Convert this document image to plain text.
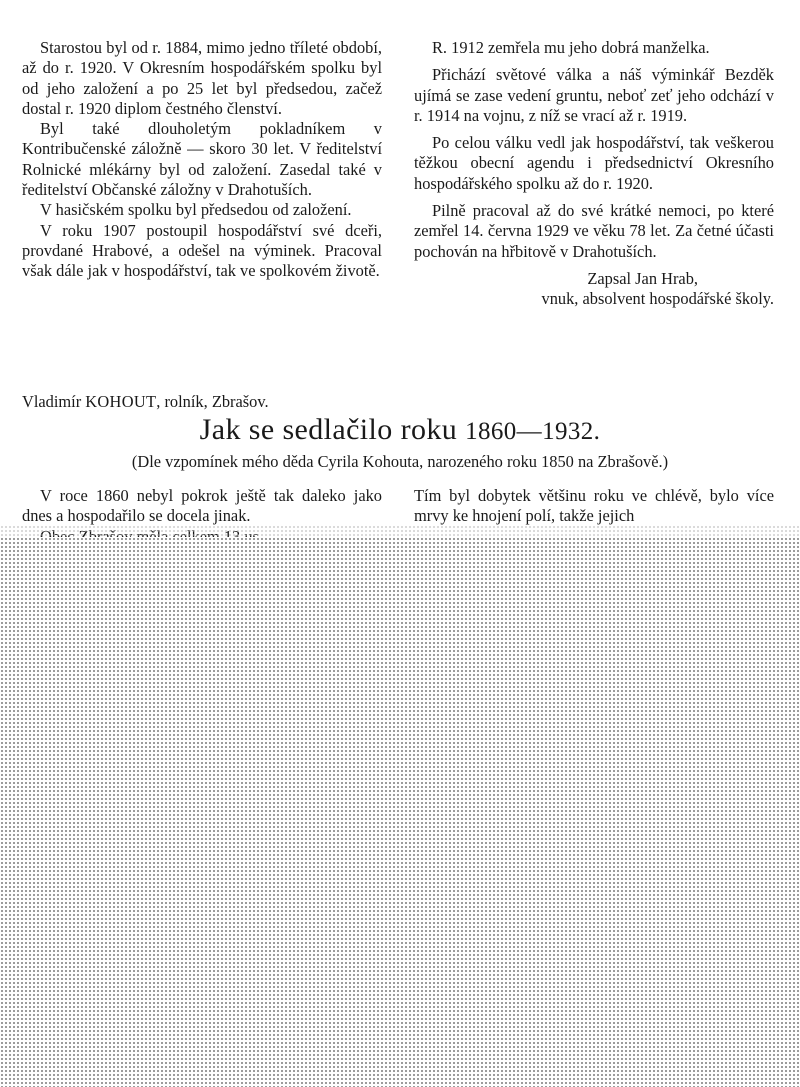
Starostou byl od r. 1884, mimo jedno tříleté období, až do r. 1920. V Okresním hospodářském spolku byl od jeho založení a po 25 let byl předsedou, začež dostal r. 1920 diplom čestného členství.

Byl také dlouholetým pokladníkem v Kontribučenské záložně — skoro 30 let. V ředitelství Rolnické mlékárny byl od založení. Zasedal také v ředitelství Občanské záložny v Drahotuších.

V hasičském spolku byl předsedou od založení.

V roku 1907 postoupil hospodářství své dceři, provdané Hrabové, a odešel na výminek. Pracoval však dále jak v hospodářství, tak ve spolkovém životě.

R. 1912 zemřela mu jeho dobrá manželka.

Přichází světové válka a náš výminkář Bezděk ujímá se zase vedení gruntu, neboť zeť jeho odchází v r. 1914 na vojnu, z níž se vrací až r. 1919.

Po celou válku vedl jak hospodářství, tak veškerou těžkou obecní agendu i předsednictví Okresního hospodářského spolku až do r. 1920.

Pilně pracoval až do své krátké nemoci, po které zemřel 14. června 1929 ve věku 78 let. Za četné účasti pochován na hřbitově v Drahotuších.

Zapsal Jan Hrab,

vnuk, absolvent hospodářské školy.

Vladimír KOHOUT, rolník, Zbrašov.
Jak se sedlačilo roku 1860—1932.
(Dle vzpomínek mého děda Cyrila Kohouta, narozeného roku 1850 na Zbrašově.)

V roce 1860 nebyl pokrok ještě tak daleko jako dnes a hospodařilo se docela jinak.

Tím byl dobytek většinu roku ve chlévě, bylo více mrvy ke hnojení polí, takže jejich
